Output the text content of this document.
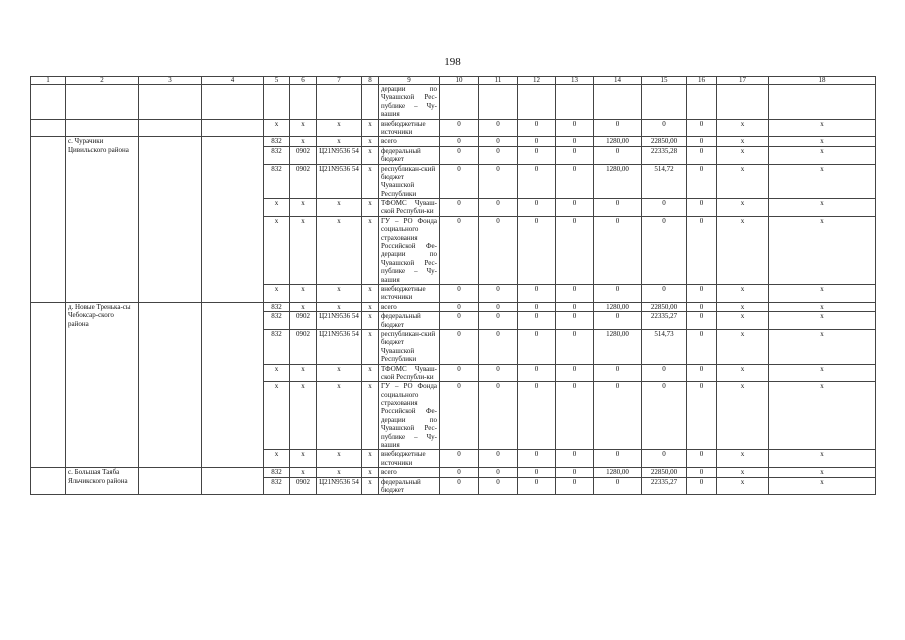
198
1	2	3	4	5	6	7	8	9	10	11	12	13	14	15	16	17	18
								дерации по Чувашской Рес-публике – Чу-вашия									
				x	x	x	x	внебюджетные источники	0	0	0	0	0	0	0	x	x
	с. Чурачики Цивильского района			832	x	x	x	всего	0	0	0	0	1280,00	22850,00	0	x	x
				832	0902	Ц21N9536 54	x	федеральный бюджет	0	0	0	0	0	22335,28	0	x	x
				832	0902	Ц21N9536 54	x	республикан-ский бюджет Чувашской Республики	0	0	0	0	1280,00	514,72	0	x	x
				x	x	x	x	ТФОМС Чуваш-ской Республи-ки	0	0	0	0	0	0	0	x	x
				x	x	x	x	ГУ – РО Фонда социального страхования Российской Фе-дерации по Чувашской Рес-публике – Чу-вашия	0	0	0	0	0	0	0	x	x
				x	x	x	x	внебюджетные источники	0	0	0	0	0	0	0	x	x
	д. Новые Тренька-сы Чебоксар-ского района			832	x	x	x	всего	0	0	0	0	1280,00	22850,00	0	x	x
				832	0902	Ц21N9536 54	x	федеральный бюджет	0	0	0	0	0	22335,27	0	x	x
				832	0902	Ц21N9536 54	x	республикан-ский бюджет Чувашской Республики	0	0	0	0	1280,00	514,73	0	x	x
				x	x	x	x	ТФОМС Чуваш-ской Республи-ки	0	0	0	0	0	0	0	x	x
				x	x	x	x	ГУ – РО Фонда социального страхования Российской Фе-дерации по Чувашской Рес-публике – Чу-вашия	0	0	0	0	0	0	0	x	x
				x	x	x	x	внебюджетные источники	0	0	0	0	0	0	0	x	x
	с. Большая Таяба Яльчикского района			832	x	x	x	всего	0	0	0	0	1280,00	22850,00	0	x	x
				832	0902	Ц21N9536 54	x	федеральный бюджет	0	0	0	0	0	22335,27	0	x	x
